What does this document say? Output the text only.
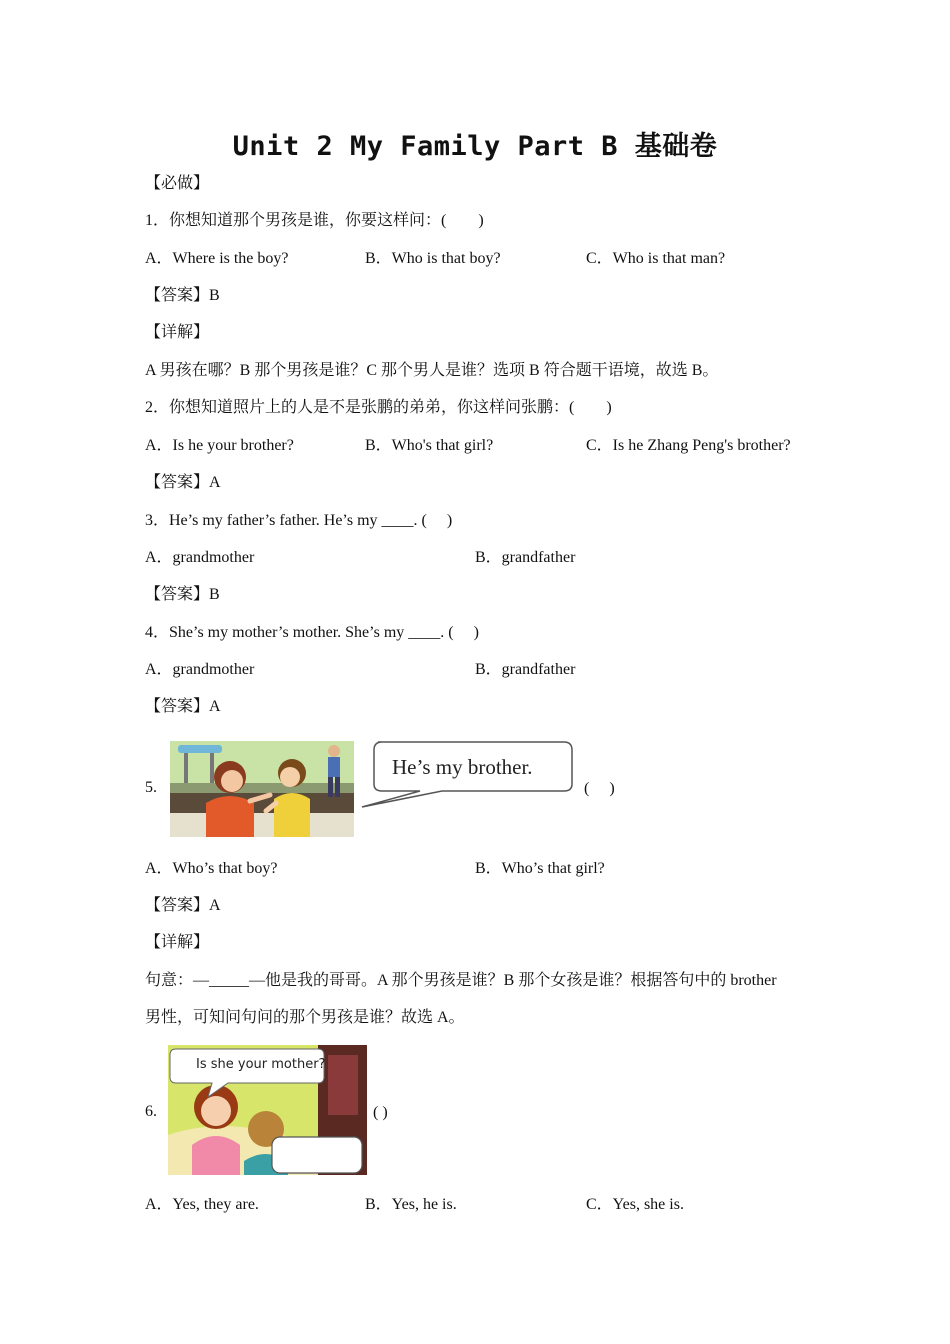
Unit 2 My Family Part B 基础卷
【必做】
1．你想知道那个男孩是谁，你要这样问：(　　)
A．Where is the boy?	B．Who is that boy?	C．Who is that man?
【答案】B
【详解】
A 男孩在哪？B 那个男孩是谁？C 那个男人是谁？选项 B 符合题干语境，故选 B。
2．你想知道照片上的人是不是张鹏的弟弟，你这样问张鹏：(　　)
A．Is he your brother?	B．Who's that girl?	C．Is he Zhang Peng's brother?
【答案】A
3．He’s my father’s father. He’s my ____. (　 )
A．grandmother	B．grandfather
【答案】B
4．She’s my mother’s mother. She’s my ____. (　 )
A．grandmother	B．grandfather
【答案】A
5.
He’s my brother.
(　 )
A．Who’s that boy?	B．Who’s that girl?
【答案】A
【详解】
句意：—_____—他是我的哥哥。A 那个男孩是谁？B 那个女孩是谁？根据答句中的 brother
男性，可知问句问的那个男孩是谁？故选 A。
6.
Is she your mother?
( )
A．Yes, they are.	B．Yes, he is.	C．Yes, she is.
